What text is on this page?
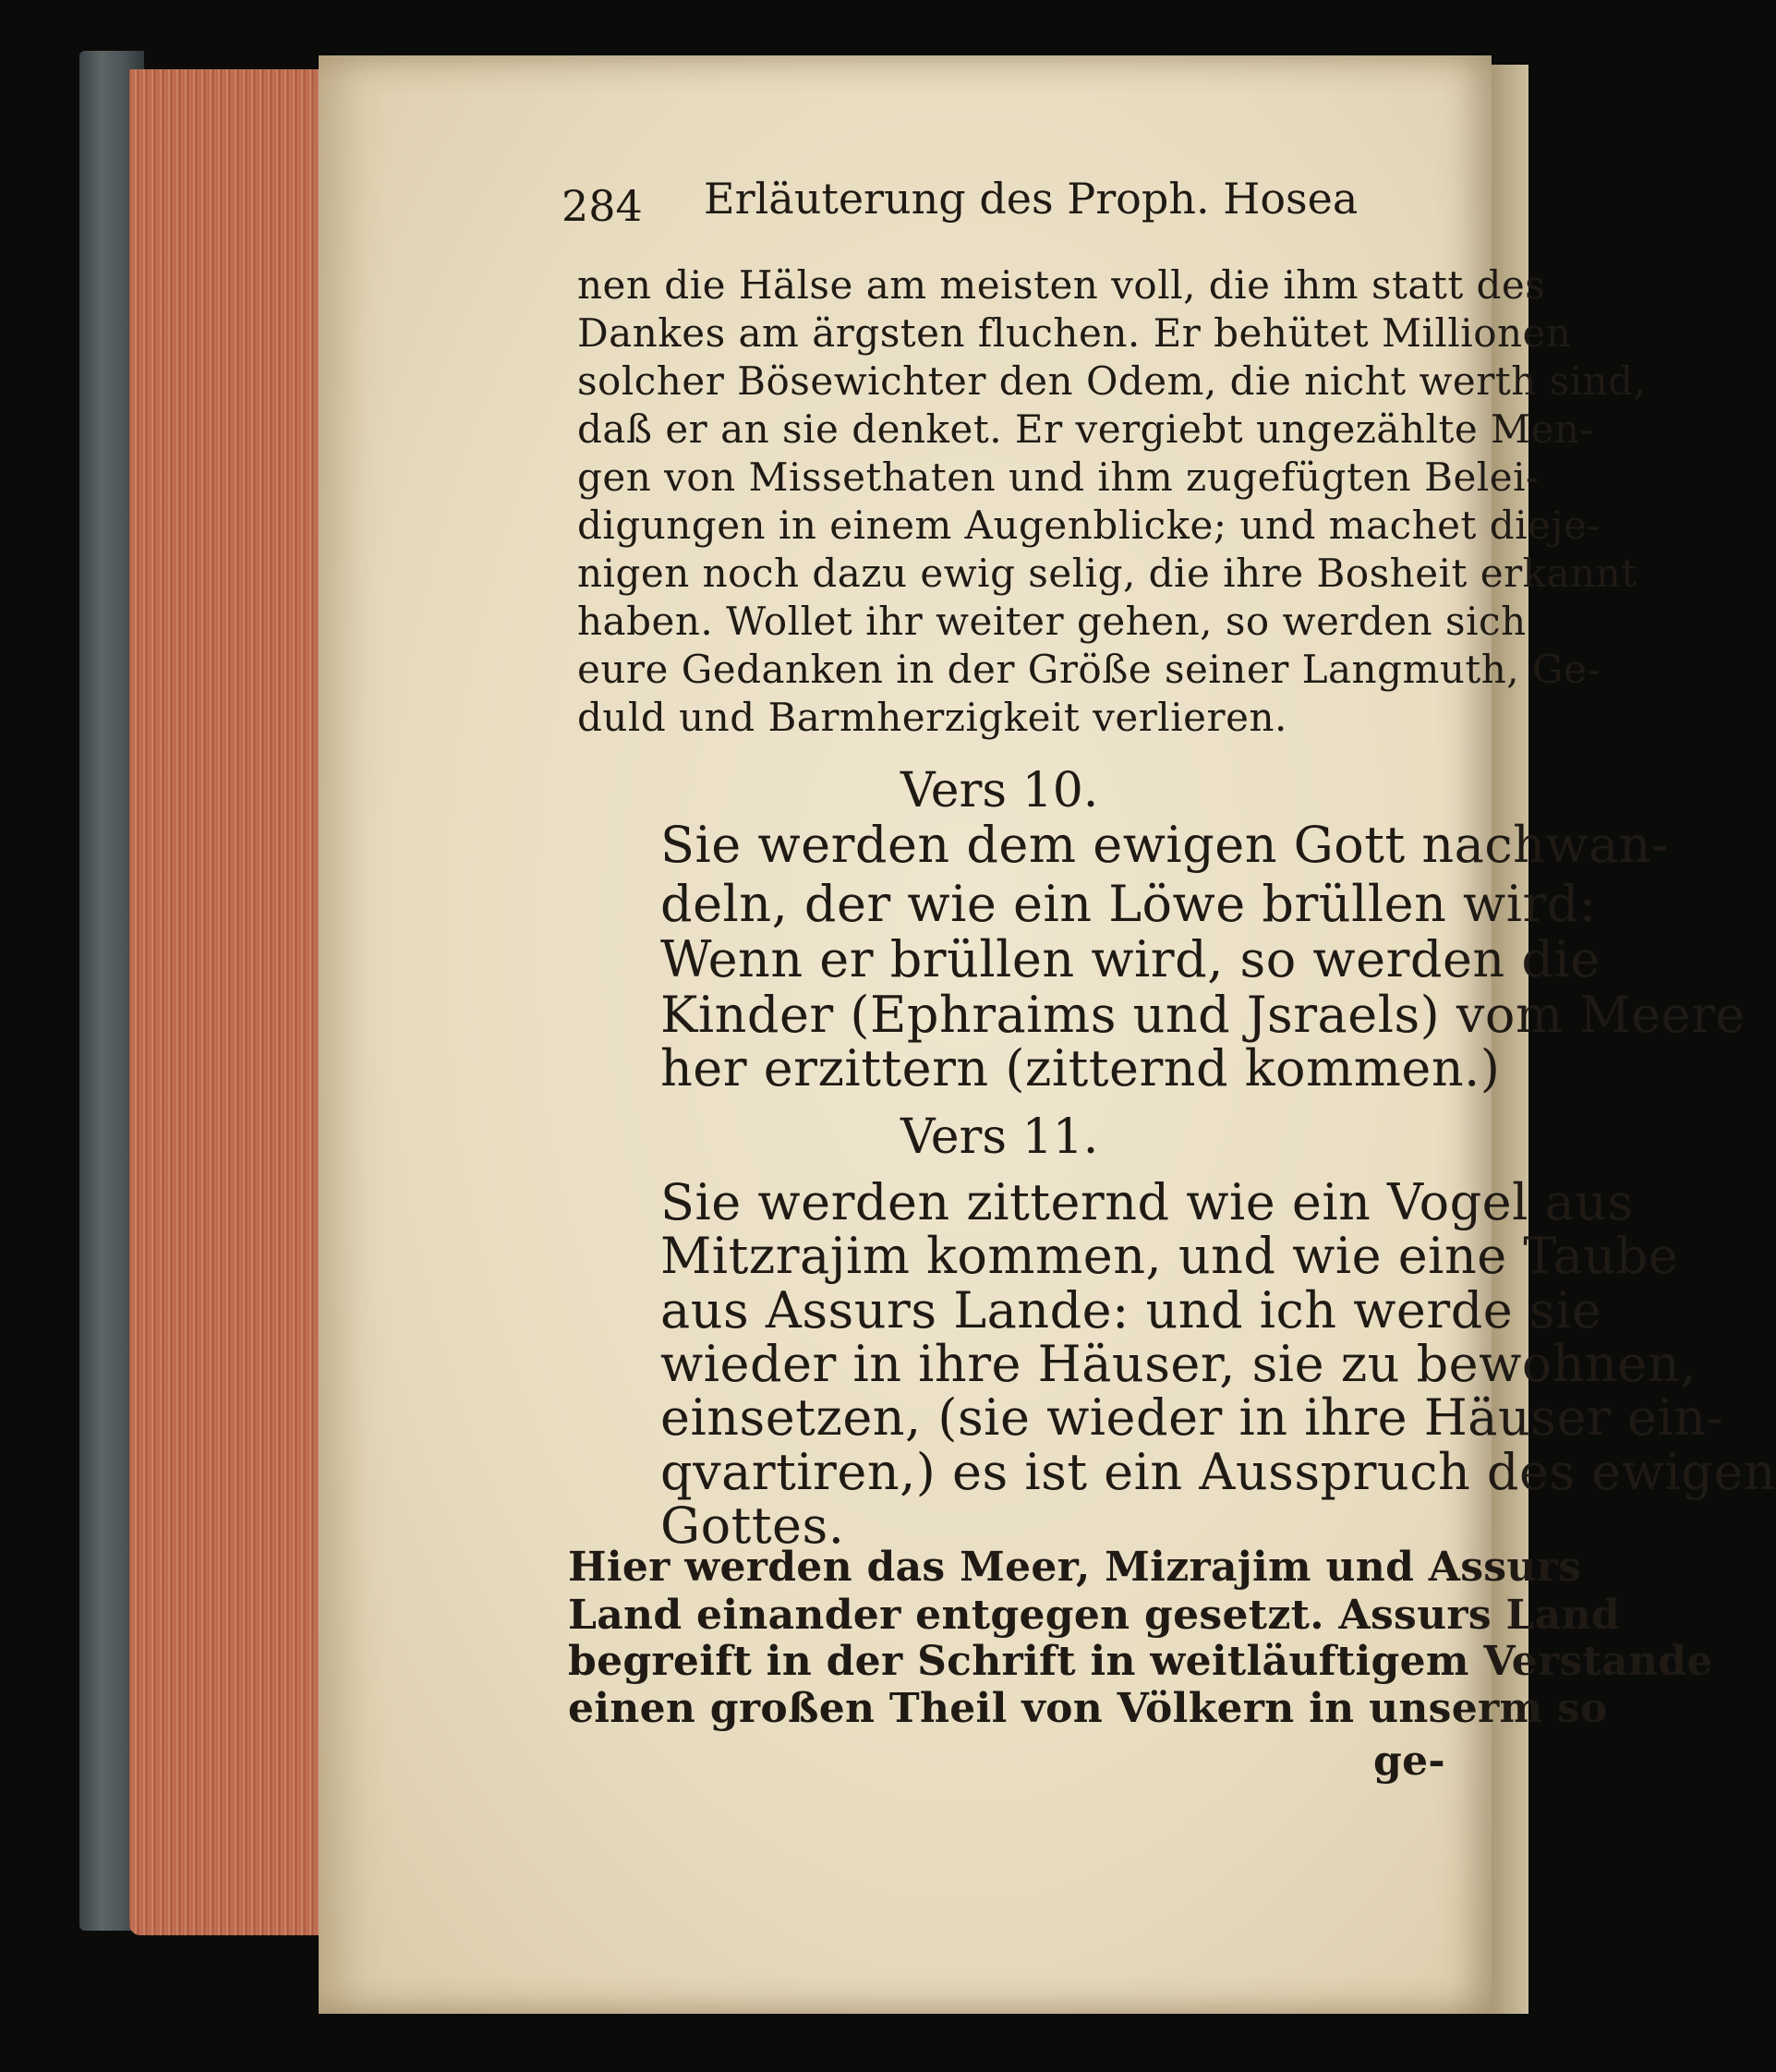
284 Erläuterung des Proph. Hosea
nen die Hälse am meisten voll, die ihm statt des
Dankes am ärgsten fluchen. Er behütet Millionen
solcher Bösewichter den Odem, die nicht werth sind,
daß er an sie denket. Er vergiebt ungezählte Men-
gen von Missethaten und ihm zugefügten Belei-
digungen in einem Augenblicke; und machet dieje-
nigen noch dazu ewig selig, die ihre Bosheit erkannt
haben. Wollet ihr weiter gehen, so werden sich
eure Gedanken in der Größe seiner Langmuth, Ge-
duld und Barmherzigkeit verlieren.
Vers 10.
Sie werden dem ewigen Gott nachwan-
deln, der wie ein Löwe brüllen wird:
Wenn er brüllen wird, so werden die
Kinder (Ephraims und Jsraels) vom Meere
her erzittern (zitternd kommen.)
Vers 11.
Sie werden zitternd wie ein Vogel aus
Mitzrajim kommen, und wie eine Taube
aus Assurs Lande: und ich werde sie
wieder in ihre Häuser, sie zu bewohnen,
einsetzen, (sie wieder in ihre Häuser ein-
qvartiren,) es ist ein Ausspruch des ewigen
Gottes.
Hier werden das Meer, Mizrajim und Assurs
Land einander entgegen gesetzt. Assurs Land
begreift in der Schrift in weitläuftigem Verstande
einen großen Theil von Völkern in unserm so
ge-
